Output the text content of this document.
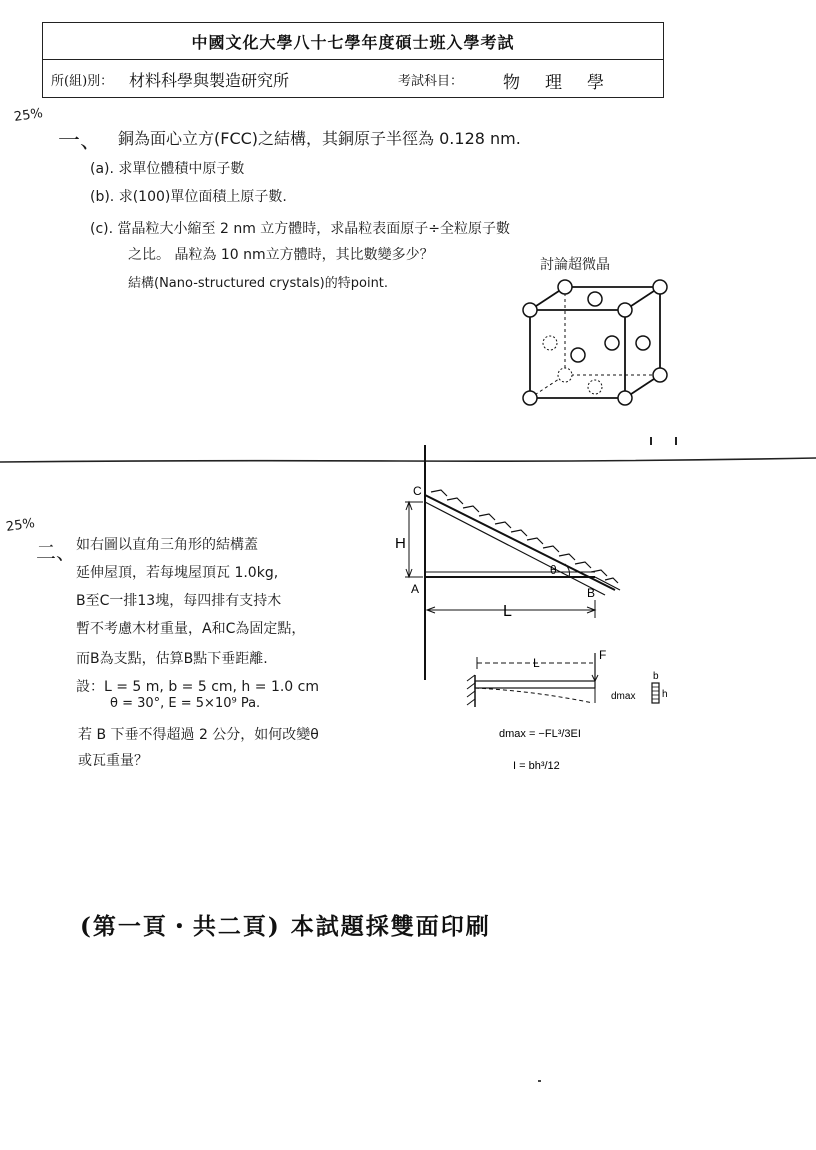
中國文化大學八十七學年度碩士班入學考試
所(組)別： 材料科學與製造研究所	考試科目： 物　理　學
25%
一、 銅為面心立方(FCC)之結構，其銅原子半徑為 0.128 nm.
(a). 求單位體積中原子數
(b). 求(100)單位面積上原子數.
(c). 當晶粒大小縮至 2 nm 立方體時，求晶粒表面原子÷全粒原子數
之比。 晶粒為 10 nm立方體時，其比數變多少？
討論超微晶
結構(Nano-structured crystals)的特point.
25%
二、 如右圖以直角三角形的結構蓋
延伸屋頂，若每塊屋頂瓦 1.0kg,
B至C一排13塊，每四排有支持木
暫不考慮木材重量，A和C為固定點，
而B為支點，估算B點下垂距離.
設：L = 5 m, b = 5 cm, h = 1.0 cm
θ = 30°, E = 5×10⁹ Pa.
若 B 下垂不得超過 2 公分，如何改變θ
或瓦重量？
C
A	B
H
L
θ
L
F
dmax
b
h
dmax = −FL³/3EI
I = bh³/12
(第一頁・共二頁) 本試題採雙面印刷
